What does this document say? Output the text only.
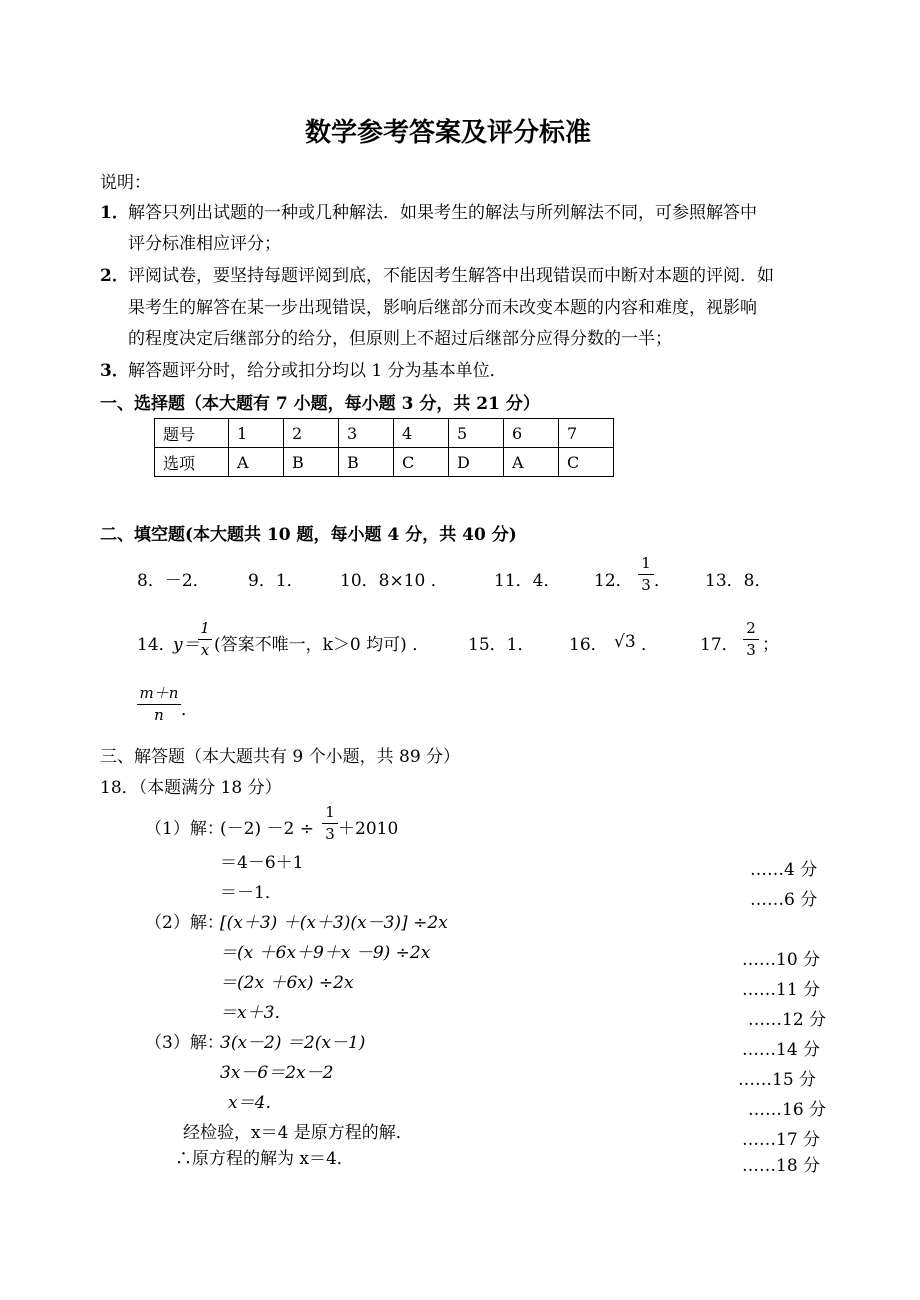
数学参考答案及评分标准
说明：
1． 解答只列出试题的一种或几种解法．如果考生的解法与所列解法不同，可参照解答中
评分标准相应评分；
2． 评阅试卷，要坚持每题评阅到底，不能因考生解答中出现错误而中断对本题的评阅．如
果考生的解答在某一步出现错误，影响后继部分而未改变本题的内容和难度，视影响
的程度决定后继部分的给分，但原则上不超过后继部分应得分数的一半；
3． 解答题评分时，给分或扣分均以 1 分为基本单位．
一、选择题（本大题有 7 小题，每小题 3 分，共 21 分）
题号	1	2	3	4	5	6	7
选项	A	B	B	C	D	A	C
二、填空题(本大题共 10 题，每小题 4 分，共 40 分)
8．－2． 9．1． 10．8×10 ．	11．4． 12．
1
3 ． 13．8．
14．
y＝
1
x (答案不唯一，k＞0 均可) ． 15．1． 16． √3 ． 17．
2
3 ；
m＋n
n	．
三、解答题（本大题共有 9 个小题，共 89 分）
18．（本题满分 18 分）
（1）解：
(－2) －2 ÷
1
3 ＋2010
＝4－6＋1
＝－1．
（2）解：
[(x＋3) ＋(x＋3)(x－3)] ÷2x
＝(x ＋6x＋9＋x －9) ÷2x
＝(2x ＋6x) ÷2x
＝x＋3．
（3）解：
3(x－2) ＝2(x－1)
3x－6＝2x－2
x＝4．
经检验，x＝4 是原方程的解．
∴原方程的解为 x＝4．
……4 分
……6 分
……10 分
……11 分
……12 分
……14 分
……15 分
……16 分
……17 分
……18 分
